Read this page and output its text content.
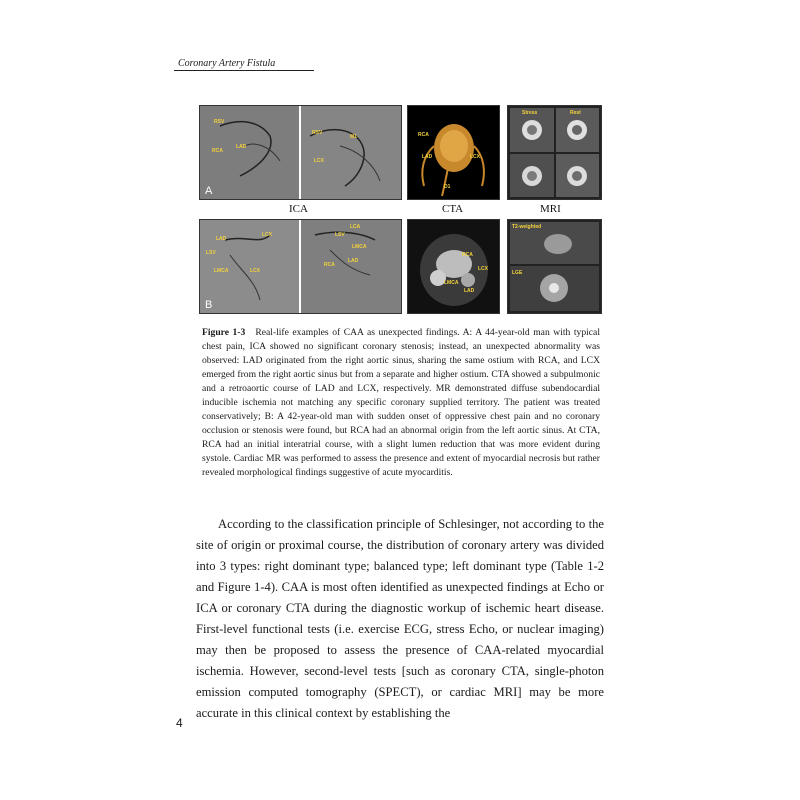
Coronary Artery Fistula
RSV
RCA
LAD
RSV
M1
LCX
A
RCA
LAD	LCX
D1
Stress	Rest
ICA	CTA	MRI
LAD
LSV
LCX
LMCA	LCX
LCA
LSV
LMCA
RCA
LAD
B
RCA
LCX
LMCA
LAD
T2-weighted
LGE
Figure 1-3 Real-life examples of CAA as unexpected findings. A: A 44-year-old man with typical chest pain, ICA showed no significant coronary stenosis; instead, an unexpected abnormality was observed: LAD originated from the right aortic sinus, sharing the same ostium with RCA, and LCX emerged from the right aortic sinus but from a separate and higher ostium. CTA showed a subpulmonic and a retroaortic course of LAD and LCX, respectively. MR demonstrated diffuse subendocardial inducible ischemia not matching any specific coronary supplied territory. The patient was treated conservatively; B: A 42-year-old man with sudden onset of oppressive chest pain and no coronary occlusion or stenosis were found, but RCA had an abnormal origin from the left aortic sinus. At CTA, RCA had an initial interatrial course, with a slight lumen reduction that was more evident during systole. Cardiac MR was performed to assess the presence and extent of myocardial necrosis but rather revealed morphological findings suggestive of acute myocarditis.
According to the classification principle of Schlesinger, not according to the site of origin or proximal course, the distribution of coronary artery was divided into 3 types: right dominant type; balanced type; left dominant type (Table 1-2 and Figure 1-4). CAA is most often identified as unexpected findings at Echo or ICA or coronary CTA during the diagnostic workup of ischemic heart disease. First-level functional tests (i.e. exercise ECG, stress Echo, or nuclear imaging) may then be proposed to assess the presence of CAA-related myocardial ischemia. However, second-level tests [such as coronary CTA, single-photon emission computed tomography (SPECT), or cardiac MRI] may be more accurate in this clinical context by establishing the
4
